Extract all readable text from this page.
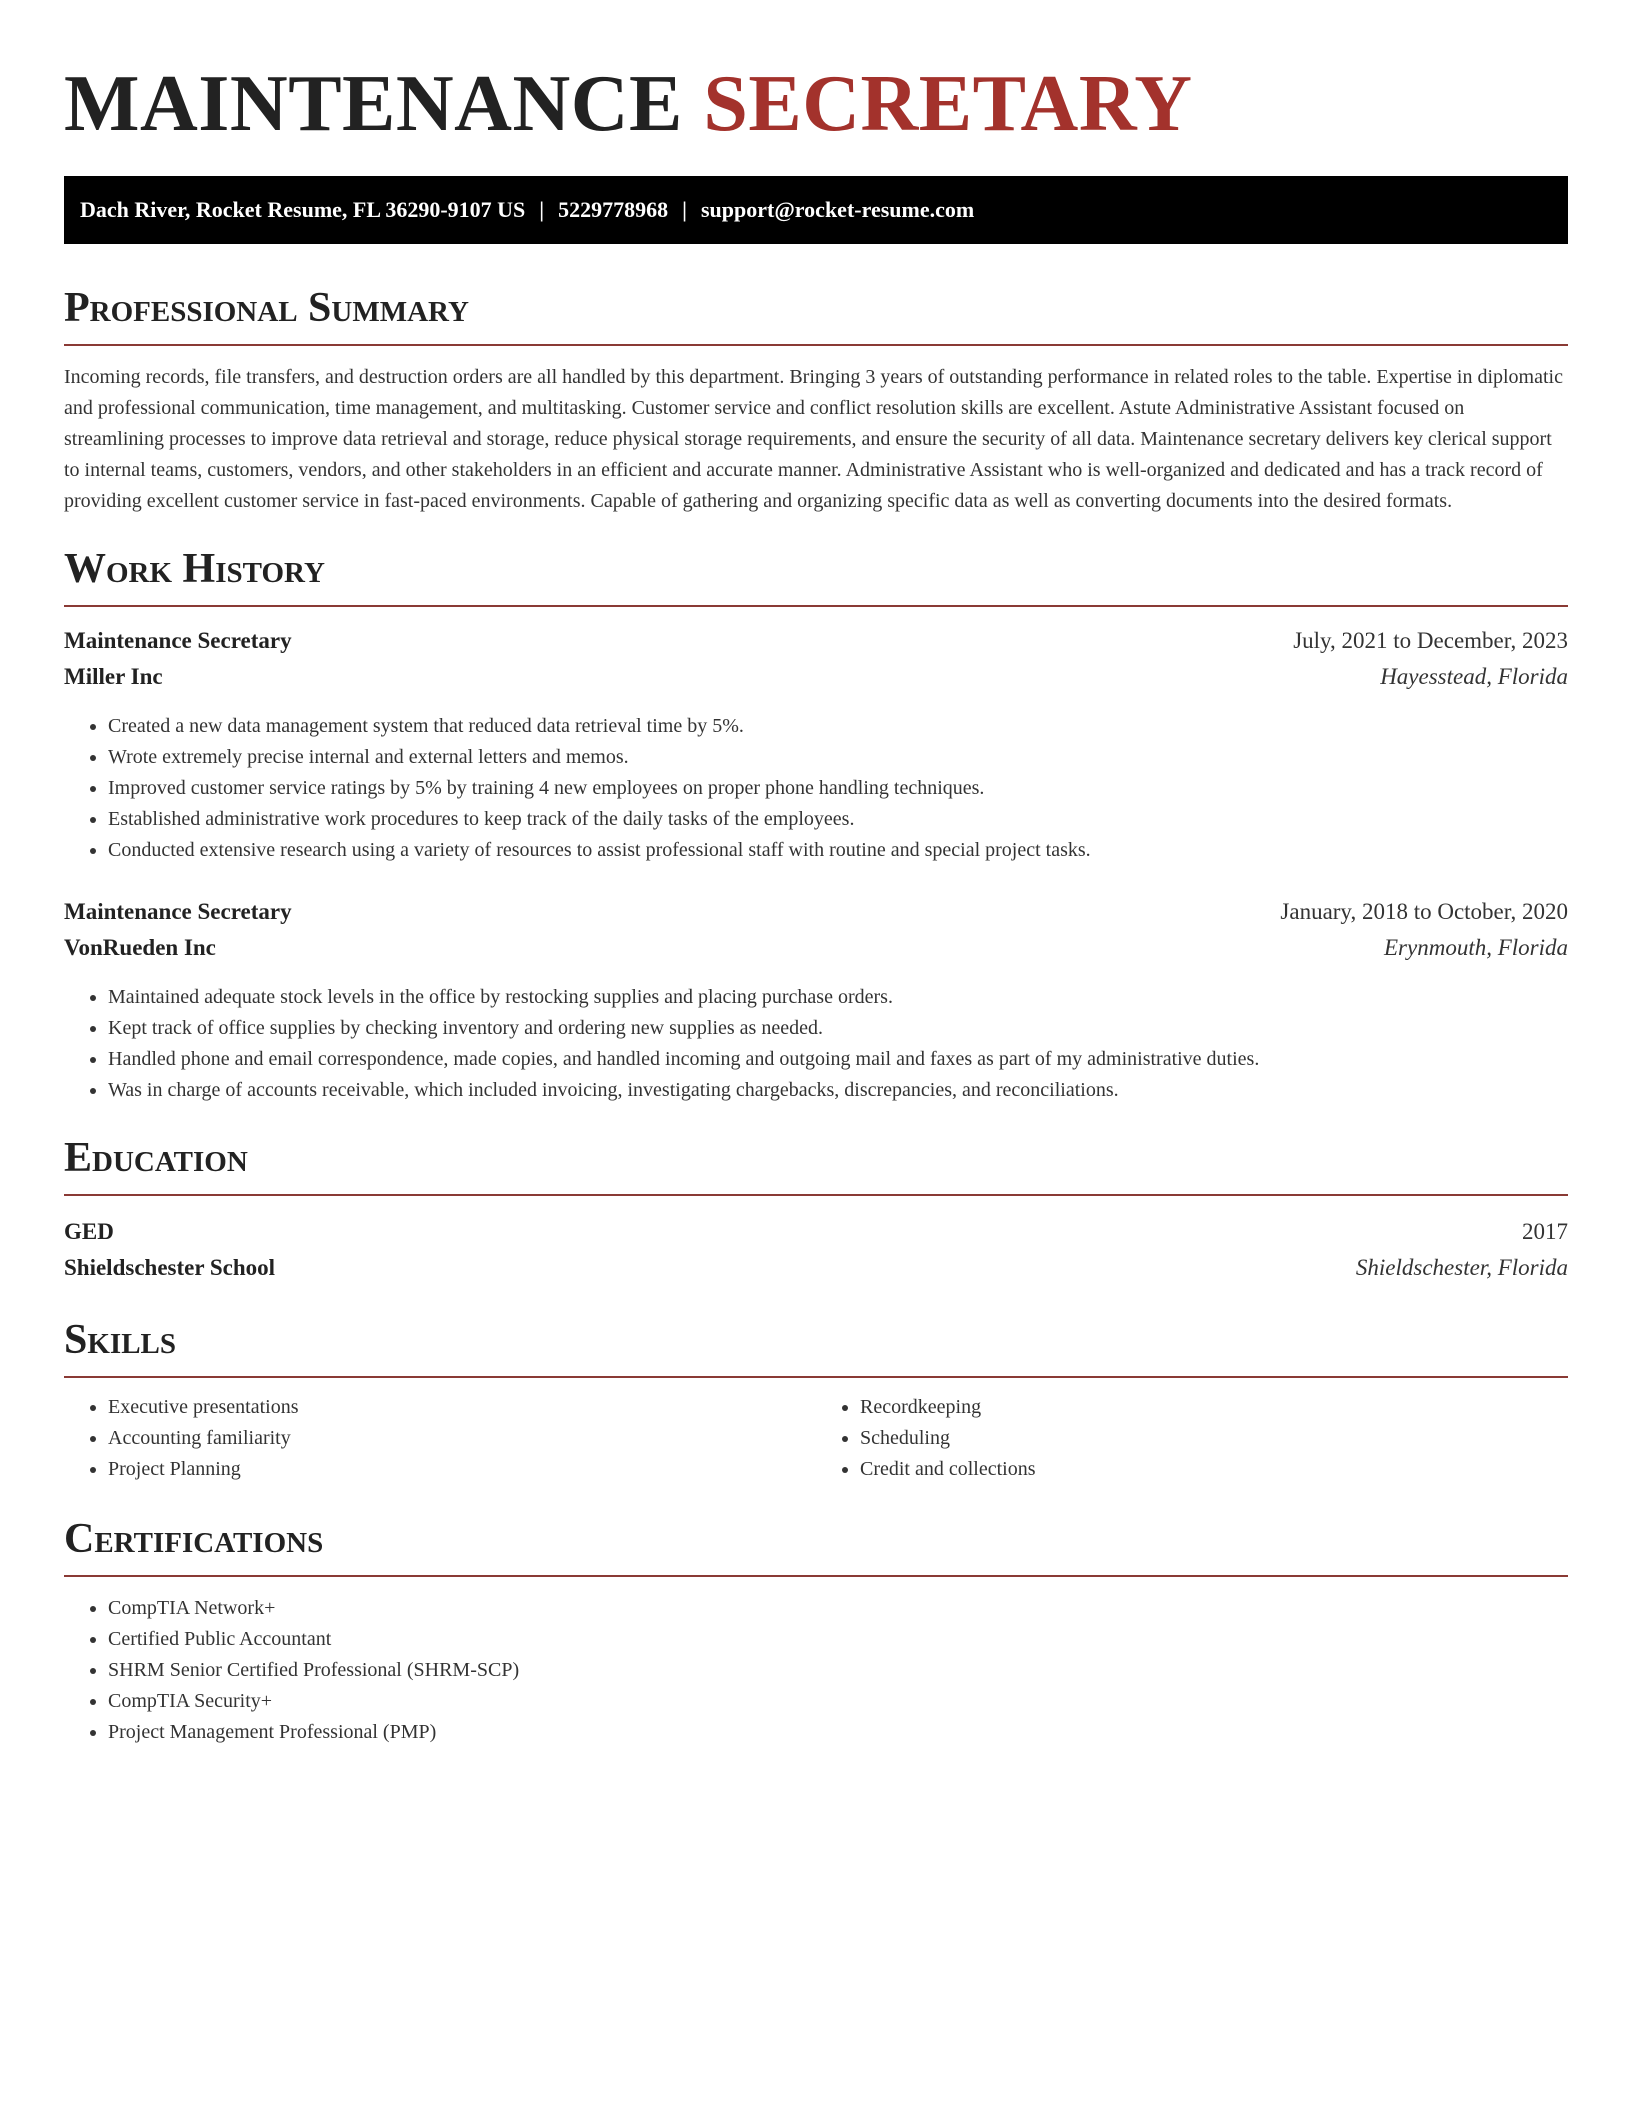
MAINTENANCE SECRETARY
Dach River, Rocket Resume, FL 36290-9107 US | 5229778968 | support@rocket-resume.com
Professional Summary

Incoming records, file transfers, and destruction orders are all handled by this department. Bringing 3 years of outstanding performance in related roles to the table. Expertise in diplomatic and professional communication, time management, and multitasking. Customer service and conflict resolution skills are excellent. Astute Administrative Assistant focused on streamlining processes to improve data retrieval and storage, reduce physical storage requirements, and ensure the security of all data. Maintenance secretary delivers key clerical support to internal teams, customers, vendors, and other stakeholders in an efficient and accurate manner. Administrative Assistant who is well-organized and dedicated and has a track record of providing excellent customer service in fast-paced environments. Capable of gathering and organizing specific data as well as converting documents into the desired formats.

Work History
Maintenance Secretary	July, 2021 to December, 2023
Miller Inc	Hayesstead, Florida
• Created a new data management system that reduced data retrieval time by 5%.
• Wrote extremely precise internal and external letters and memos.
• Improved customer service ratings by 5% by training 4 new employees on proper phone handling techniques.
• Established administrative work procedures to keep track of the daily tasks of the employees.
• Conducted extensive research using a variety of resources to assist professional staff with routine and special project tasks.
Maintenance Secretary	January, 2018 to October, 2020
VonRueden Inc	Erynmouth, Florida
• Maintained adequate stock levels in the office by restocking supplies and placing purchase orders.
• Kept track of office supplies by checking inventory and ordering new supplies as needed.
• Handled phone and email correspondence, made copies, and handled incoming and outgoing mail and faxes as part of my administrative duties.
• Was in charge of accounts receivable, which included invoicing, investigating chargebacks, discrepancies, and reconciliations.
Education
GED	2017
Shieldschester School	Shieldschester, Florida
Skills
• Executive presentations
• Accounting familiarity
• Project Planning
• Recordkeeping
• Scheduling
• Credit and collections
Certifications
• CompTIA Network+
• Certified Public Accountant
• SHRM Senior Certified Professional (SHRM-SCP)
• CompTIA Security+
• Project Management Professional (PMP)
